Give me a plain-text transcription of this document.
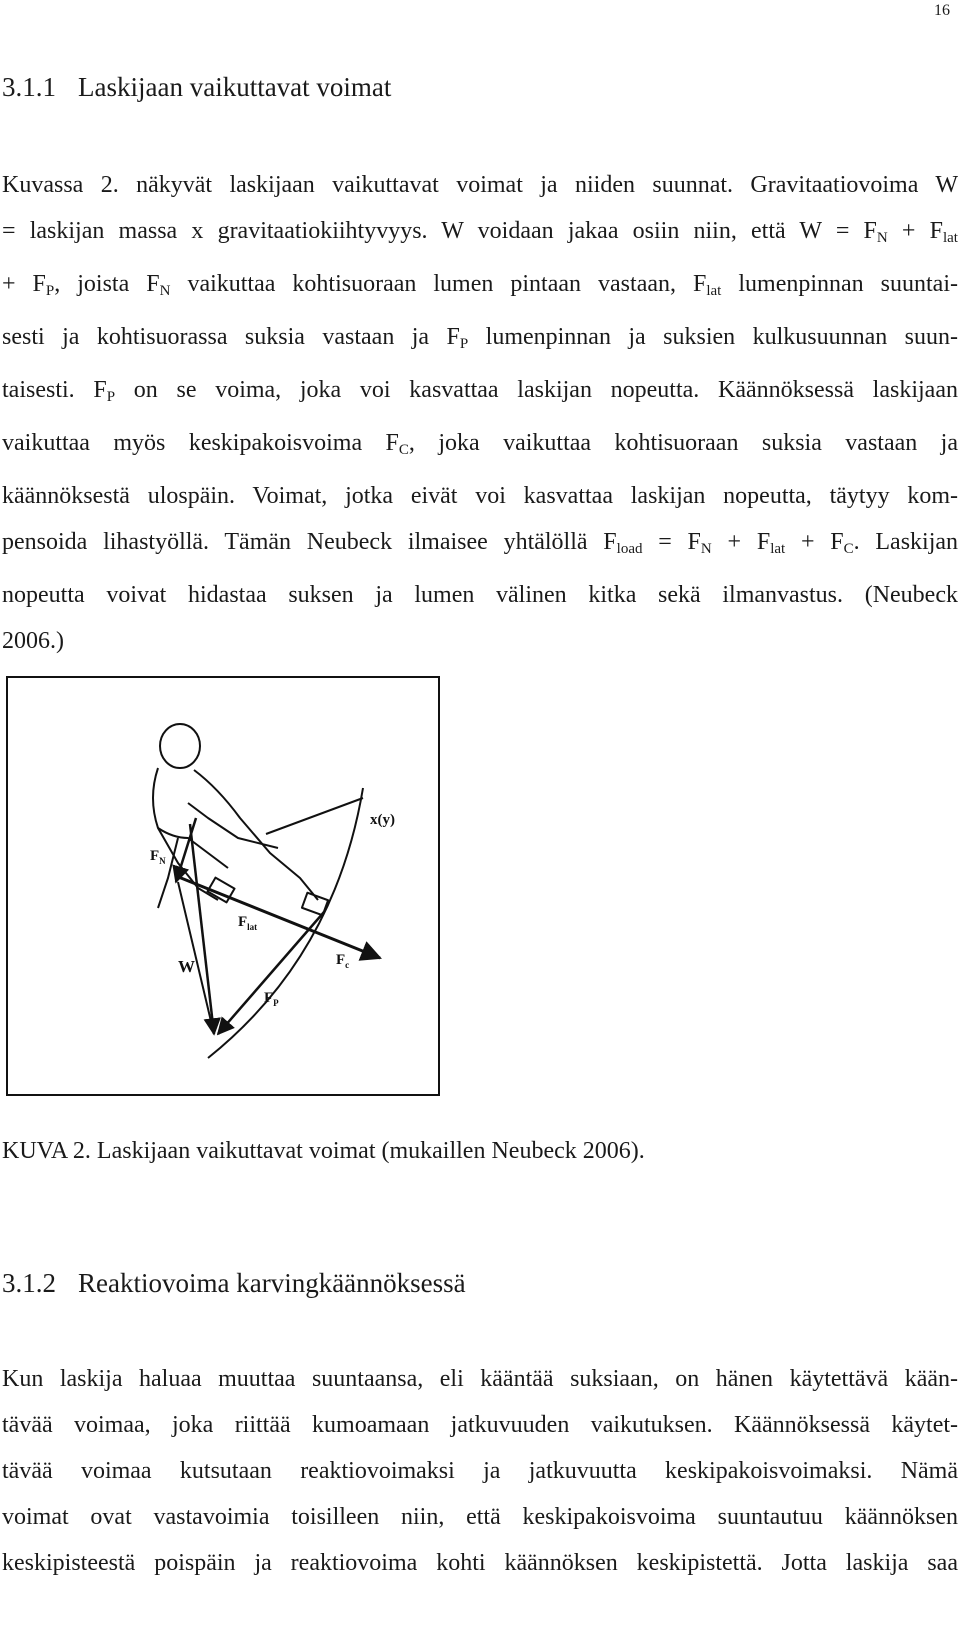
16
3.1.1 Laskijaan vaikuttavat voimat
Kuvassa 2. näkyvät laskijaan vaikuttavat voimat ja niiden suunnat. Gravitaatiovoima W
= laskijan massa x gravitaatiokiihtyvyys. W voidaan jakaa osiin niin, että $W = F_N + F_{lat}$
+ $F_P$, joista $F_N$ vaikuttaa kohtisuoraan lumen pintaan vastaan, $F_{lat}$ lumenpinnan suuntai-
sesti ja kohtisuorassa suksia vastaan ja $F_P$ lumenpinnan ja suksien kulkusuunnan suun-
taisesti. $F_P$ on se voima, joka voi kasvattaa laskijan nopeutta. Käännöksessä laskijaan
vaikuttaa myös keskipakoisvoima $F_C$, joka vaikuttaa kohtisuoraan suksia vastaan ja
käännöksestä ulospäin. Voimat, jotka eivät voi kasvattaa laskijan nopeutta, täytyy kom-
pensoida lihastyöllä. Tämän Neubeck ilmaisee yhtälöllä $F_{load} = F_N + F_{lat} + F_C$. Laskijan
nopeutta voivat hidastaa suksen ja lumen välinen kitka sekä ilmanvastus. (Neubeck
2006.)
$F_N$
x(y)
$F_{lat}$
W	$F_c$
$F_P$

KUVA 2. Laskijaan vaikuttavat voimat (mukaillen Neubeck 2006).

3.1.2 Reaktiovoima karvingkäännöksessä
Kun laskija haluaa muuttaa suuntaansa, eli kääntää suksiaan, on hänen käytettävä kään-
tävää voimaa, joka riittää kumoamaan jatkuvuuden vaikutuksen. Käännöksessä käytet-
tävää voimaa kutsutaan reaktiovoimaksi ja jatkuvuutta keskipakoisvoimaksi. Nämä
voimat ovat vastavoimia toisilleen niin, että keskipakoisvoima suuntautuu käännöksen
keskipisteestä poispäin ja reaktiovoima kohti käännöksen keskipistettä. Jotta laskija saa
